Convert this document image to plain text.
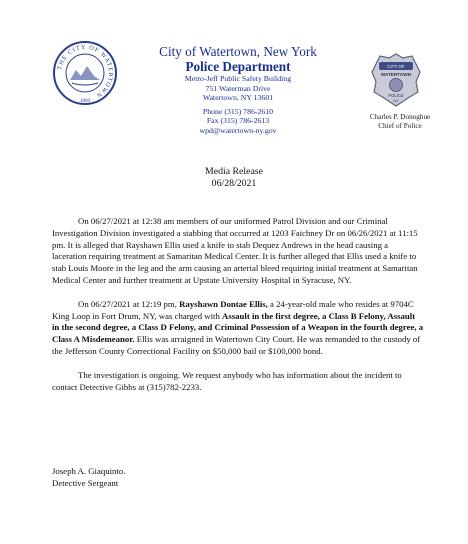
THE CITY OF WATERTOWN
1869
City of Watertown, New York
Police Department
Metro-Jeff Public Safety Building
751 Waterman Drive
Watertown, NY 13601
Phone (315) 786-2610
Fax (315) 786-2613
wpd@watertown-ny.gov
CITY OF
WATERTOWN
POLICE
NY
Charles P. Donoghue
Chief of Police
Media Release
06/28/2021

On 06/27/2021 at 12:38 am members of our uniformed Patrol Division and our Criminal Investigation Division investigated a stabbing that occurred at 1203 Faichney Dr on 06/26/2021 at 11:15 pm. It is alleged that Rayshawn Ellis used a knife to stab Dequez Andrews in the head causing a laceration requiring treatment at Samaritan Medical Center. It is further alleged that Ellis used a knife to stab Louis Moore in the leg and the arm causing an arterial bleed requiring initial treatment at Samaritan Medical Center and further treatment at Upstate University Hospital in Syracuse, NY.

On 06/27/2021 at 12:19 pm, Rayshawn Dontae Ellis, a 24-year-old male who resides at 9704C King Loop in Fort Drum, NY, was charged with Assault in the first degree, a Class B Felony, Assault in the second degree, a Class D Felony, and Criminal Possession of a Weapon in the fourth degree, a Class A Misdemeanor. Ellis was arraigned in Watertown City Court. He was remanded to the custody of the Jefferson County Correctional Facility on $50,000 bail or $100,000 bond.

The investigation is ongoing. We request anybody who has information about the incident to contact Detective Gibbs at (315)782-2233.

Joseph A. Giaquinto.
Detective Sergeant
